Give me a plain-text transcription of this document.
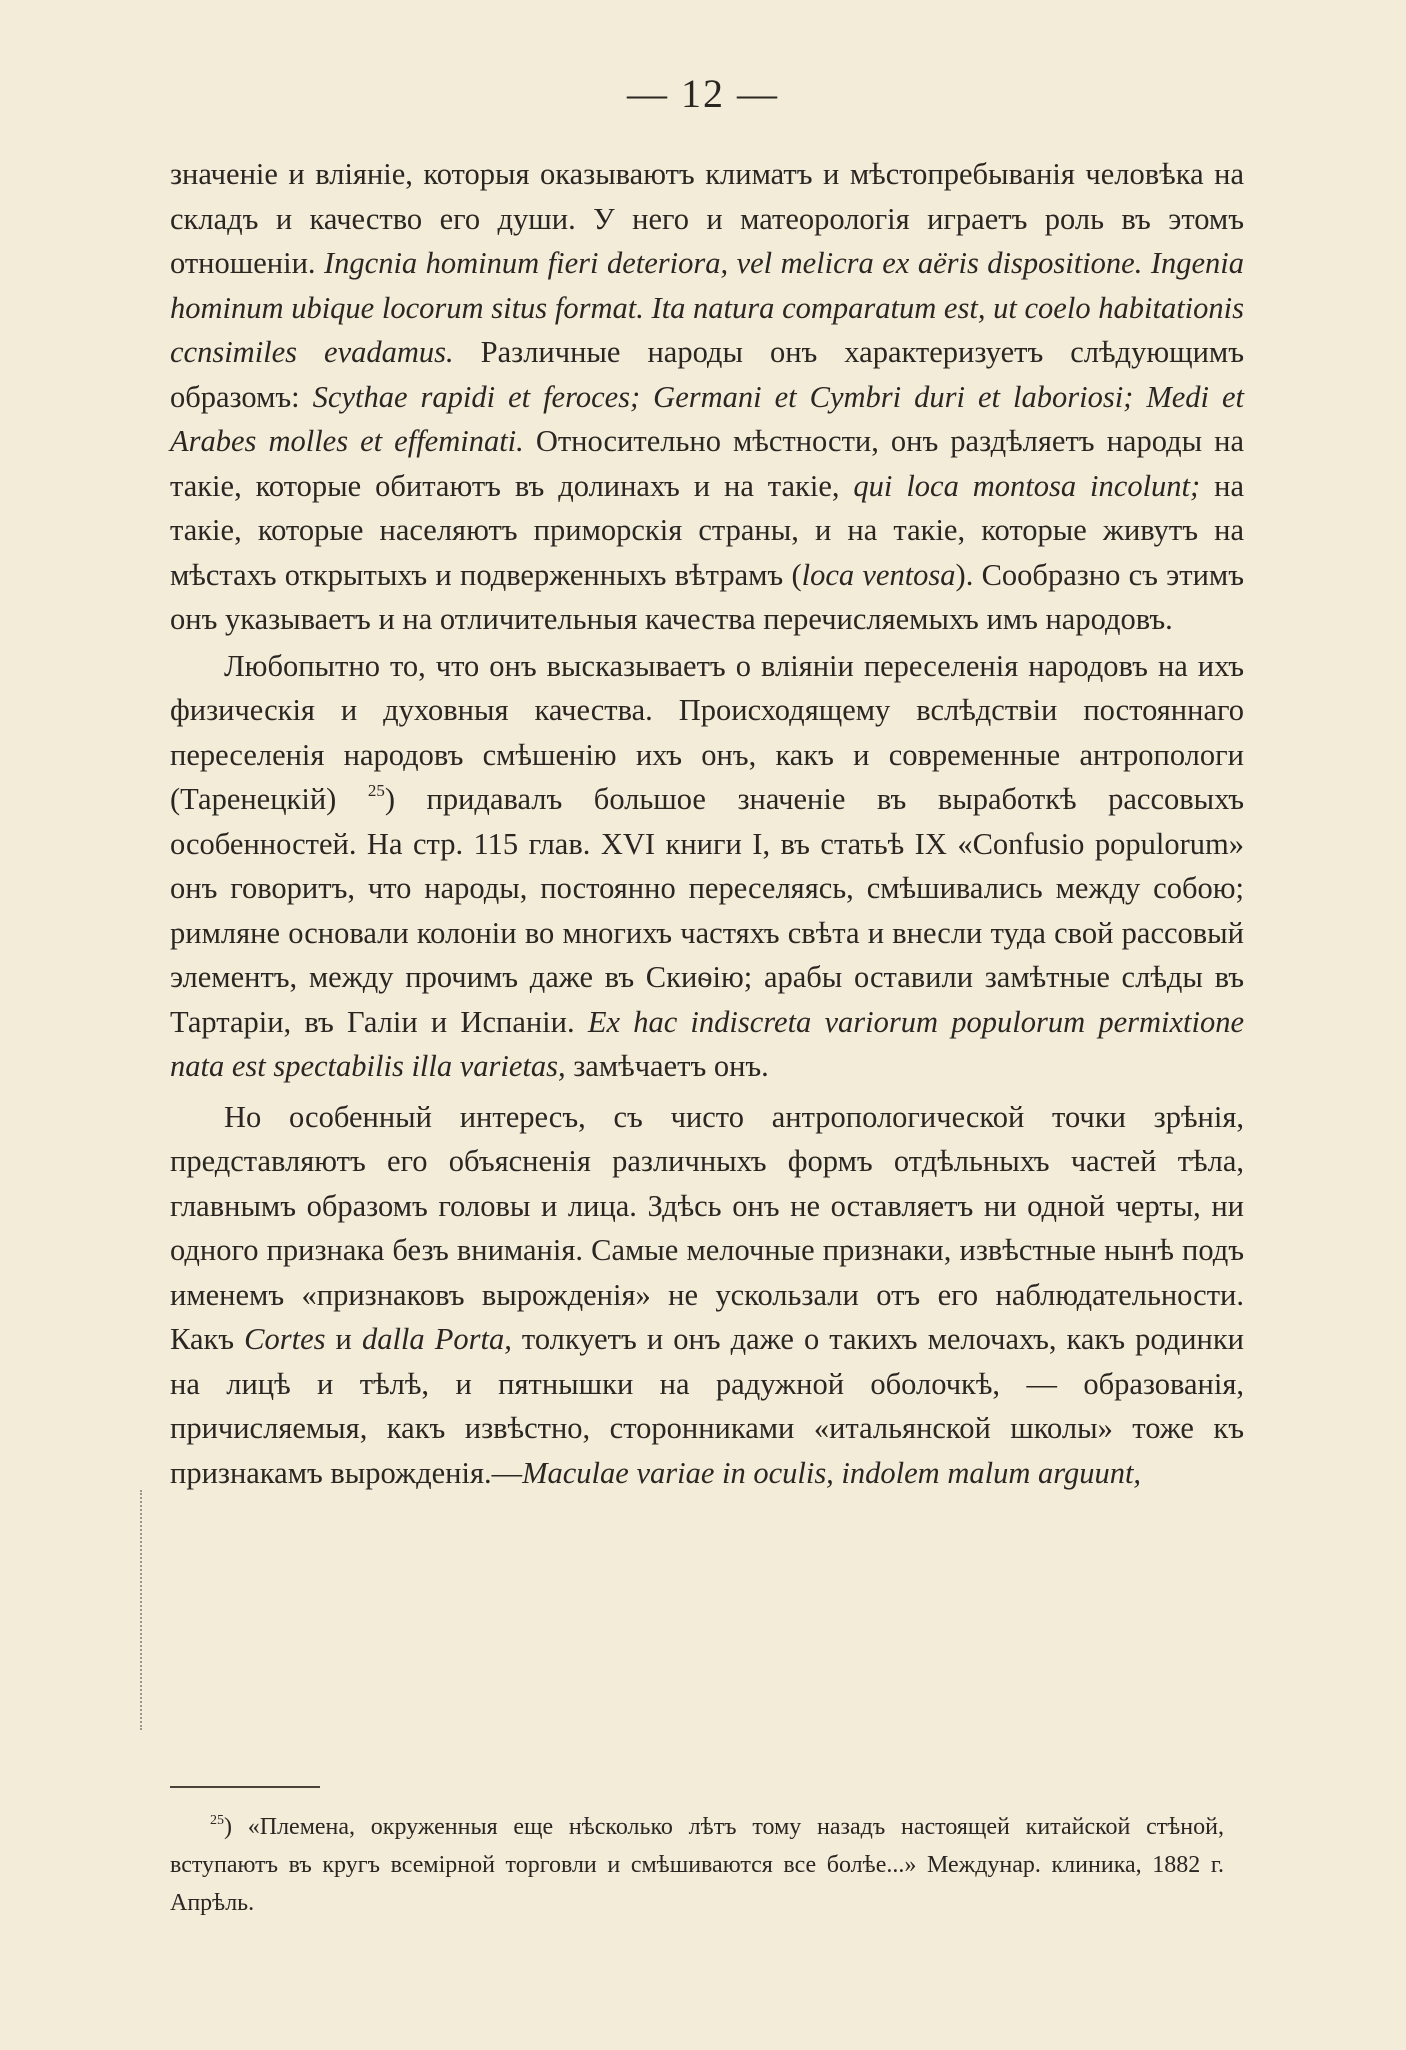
— 12 —

значеніе и вліяніе, которыя оказываютъ климатъ и мѣстопребыванія человѣка на складъ и качество его души. У него и матеорологія играетъ роль въ этомъ отношеніи. Ingcnia hominum fieri deteriora, vel melicra ex aëris dispositione. Ingenia hominum ubique locorum situs format. Ita natura comparatum est, ut coelo habitationis ccnsimiles evadamus. Различные народы онъ характеризуетъ слѣдующимъ образомъ: Scythae rapidi et feroces; Germani et Cymbri duri et laboriosi; Medi et Arabes molles et effeminati. Относительно мѣстности, онъ раздѣляетъ народы на такіе, которые обитаютъ въ долинахъ и на такіе, qui loca montosa incolunt; на такіе, которые населяютъ приморскія страны, и на такіе, которые живутъ на мѣстахъ открытыхъ и подверженныхъ вѣтрамъ (loca ventosa). Сообразно съ этимъ онъ указываетъ и на отличительныя качества перечисляемыхъ имъ народовъ.

Любопытно то, что онъ высказываетъ о вліяніи переселенія народовъ на ихъ физическія и духовныя качества. Происходящему вслѣдствіи постояннаго переселенія народовъ смѣшенію ихъ онъ, какъ и современные антропологи (Таренецкій) $^{25}$) придавалъ большое значеніе въ выработкѣ рассовыхъ особенностей. На стр. 115 глав. XVI книги I, въ статьѣ IX «Confusio populorum» онъ говоритъ, что народы, постоянно переселяясь, смѣшивались между собою; римляне основали колоніи во многихъ частяхъ свѣта и внесли туда свой рассовый элементъ, между прочимъ даже въ Скиѳію; арабы оставили замѣтные слѣды въ Тартаріи, въ Галіи и Испаніи. Ex hac indiscreta variorum populorum permixtione nata est spectabilis illa varietas, замѣчаетъ онъ.

Но особенный интересъ, съ чисто антропологической точки зрѣнія, представляютъ его объясненія различныхъ формъ отдѣльныхъ частей тѣла, главнымъ образомъ головы и лица. Здѣсь онъ не оставляетъ ни одной черты, ни одного признака безъ вниманія. Самые мелочные признаки, извѣстные нынѣ подъ именемъ «признаковъ вырожденія» не ускользали отъ его наблюдательности. Какъ Cortes и dalla Porta, толкуетъ и онъ даже о такихъ мелочахъ, какъ родинки на лицѣ и тѣлѣ, и пятнышки на радужной оболочкѣ, — образованія, причисляемыя, какъ извѣстно, сторонниками «итальянской школы» тоже къ признакамъ вырожденія.—Maculae variae in oculis, indolem malum arguunt,

$^{25}$) «Племена, окруженныя еще нѣсколько лѣтъ тому назадъ настоящей китайской стѣной, вступаютъ въ кругъ всемірной торговли и смѣшиваются все болѣе...» Междунар. клиника, 1882 г. Апрѣль.
